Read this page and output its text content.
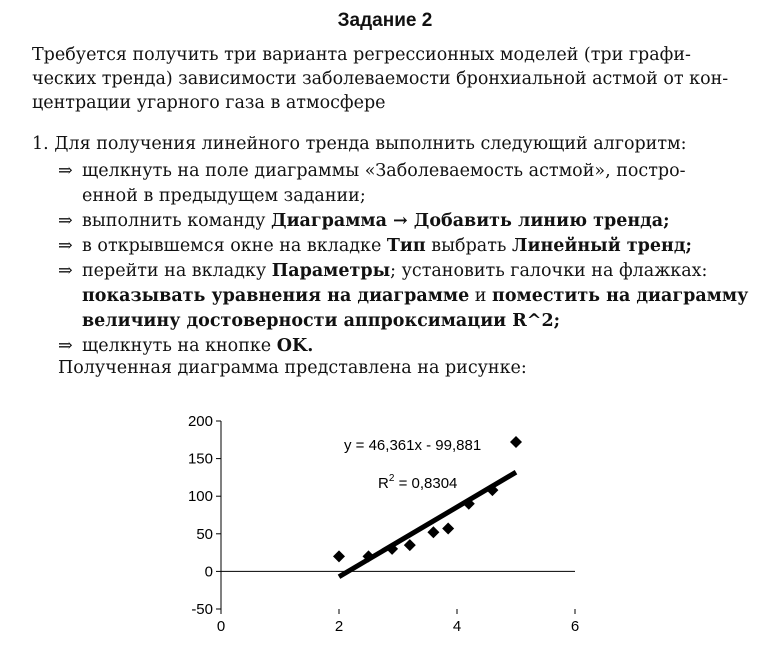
Задание 2
Требуется получить три варианта регрессионных моделей (три графи-
ческих тренда) зависимости заболеваемости бронхиальной астмой от кон-
центрации угарного газа в атмосфере
1. Для получения линейного тренда выполнить следующий алгоритм:
⇒ щелкнуть на поле диаграммы «Заболеваемость астмой», постро-
енной в предыдущем задании;
⇒ выполнить команду Диаграмма → Добавить линию тренда;
⇒ в открывшемся окне на вкладке Тип выбрать Линейный тренд;
⇒ перейти на вкладку Параметры; установить галочки на флажках:
показывать уравнения на диаграмме и поместить на диаграмму
величину достоверности аппроксимации R^2;
⇒ щелкнуть на кнопке OK.
Полученная диаграмма представлена на рисунке:
200
150
100
50
0
-50
0	2	4	6
y = 46,361x - 99,881
$R^2 = 0,8304$
